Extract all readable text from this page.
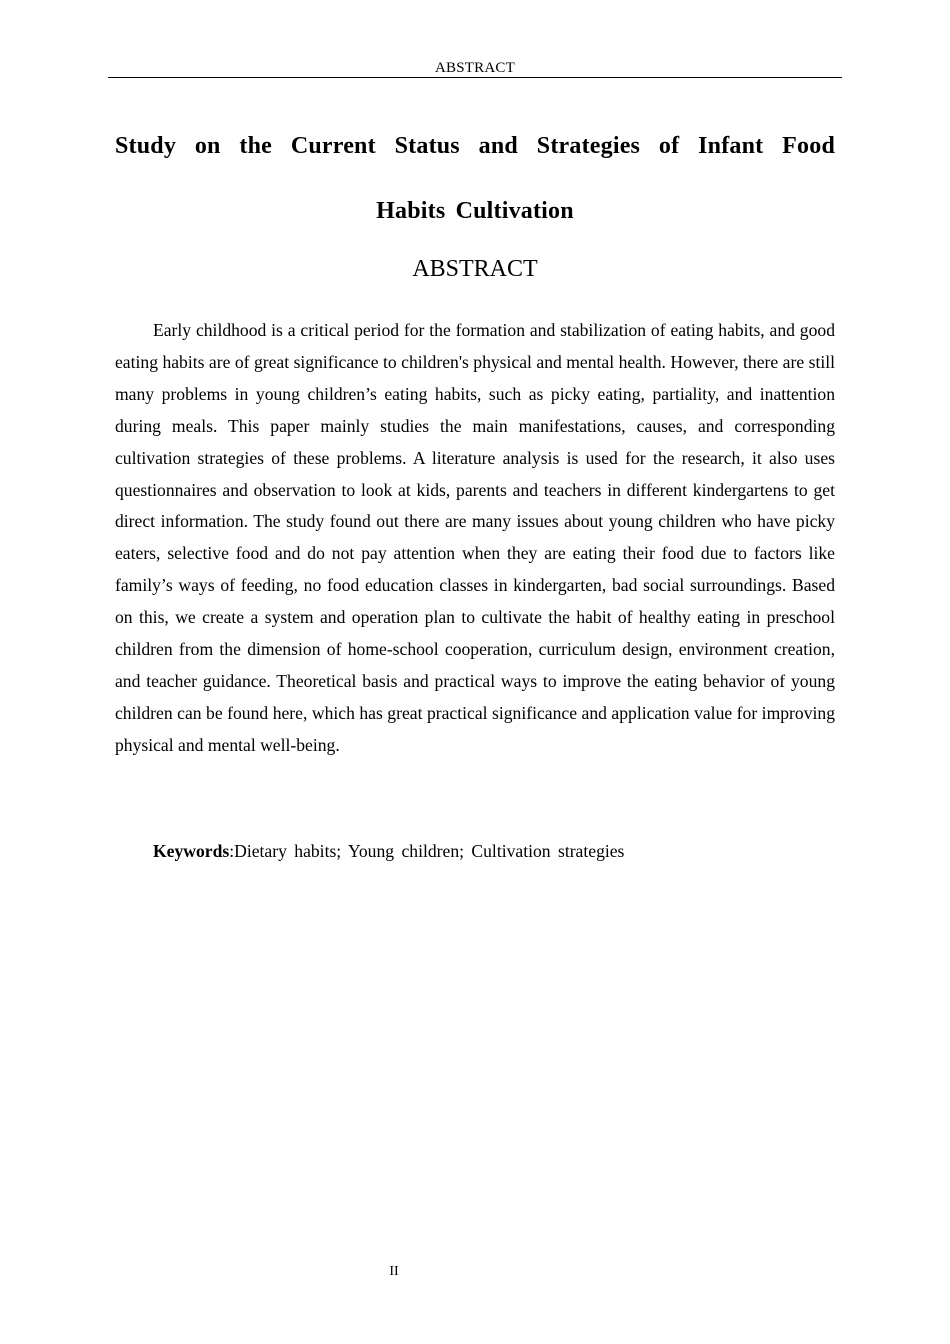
ABSTRACT
Study on the Current Status and Strategies of Infant Food
Habits Cultivation
ABSTRACT

Early childhood is a critical period for the formation and stabilization of eating habits, and good eating habits are of great significance to children's physical and mental health. However, there are still many problems in young children’s eating habits, such as picky eating, partiality, and inattention during meals. This paper mainly studies the main manifestations, causes, and corresponding cultivation strategies of these problems. A literature analysis is used for the research, it also uses questionnaires and observation to look at kids, parents and teachers in different kindergartens to get direct information. The study found out there are many issues about young children who have picky eaters, selective food and do not pay attention when they are eating their food due to factors like family’s ways of feeding, no food education classes in kindergarten, bad social surroundings. Based on this, we create a system and operation plan to cultivate the habit of healthy eating in preschool children from the dimension of home-school cooperation, curriculum design, environment creation, and teacher guidance. Theoretical basis and practical ways to improve the eating behavior of young children can be found here, which has great practical significance and application value for improving physical and mental well-being.

Keywords:Dietary habits; Young children; Cultivation strategies

II
